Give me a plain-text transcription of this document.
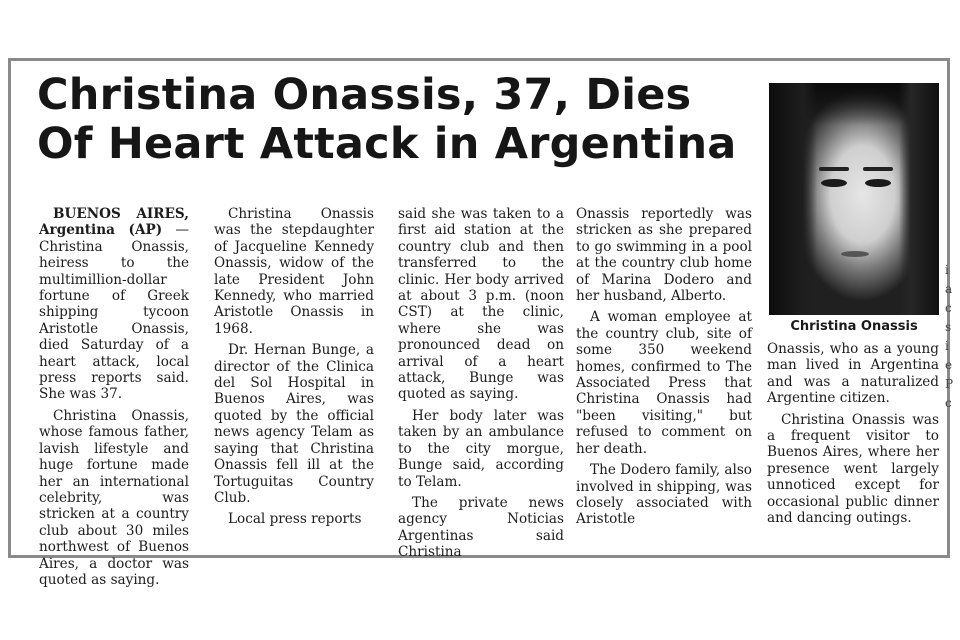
Christina Onassis, 37, Dies
Of Heart Attack in Argentina
Christina Onassis

BUENOS AIRES, Argentina (AP) —Christina Onassis, heiress to the multimillion-dollar fortune of Greek shipping tycoon Aristotle Onassis, died Saturday of a heart attack, local press reports said. She was 37.

Christina Onassis, whose famous father, lavish lifestyle and huge fortune made her an international celebrity, was stricken at a country club about 30 miles northwest of Buenos Aires, a doctor was quoted as saying.

Christina Onassis was the stepdaughter of Jacqueline Kennedy Onassis, widow of the late President John Kennedy, who married Aristotle Onassis in 1968.

Dr. Hernan Bunge, a director of the Clinica del Sol Hospital in Buenos Aires, was quoted by the official news agency Telam as saying that Christina Onassis fell ill at the Tortuguitas Country Club.

Local press reports

said she was taken to a first aid station at the country club and then transferred to the clinic. Her body arrived at about 3 p.m. (noon CST) at the clinic, where she was pronounced dead on arrival of a heart attack, Bunge was quoted as saying.

Her body later was taken by an ambulance to the city morgue, Bunge said, according to Telam.

The private news agency Noticias Argentinas said Christina

Onassis reportedly was stricken as she prepared to go swimming in a pool at the country club home of Marina Dodero and her husband, Alberto.

A woman employee at the country club, site of some 350 weekend homes, confirmed to The Associated Press that Christina Onassis had "been visiting," but refused to comment on her death.

The Dodero family, also involved in shipping, was closely associated with Aristotle

Onassis, who as a young man lived in Argentina and was a naturalized Argentine citizen.

Christina Onassis was a frequent visitor to Buenos Aires, where her presence went largely unnoticed except for occasional public dinner and dancing outings.

i
a
c
s
i
e
P
c
